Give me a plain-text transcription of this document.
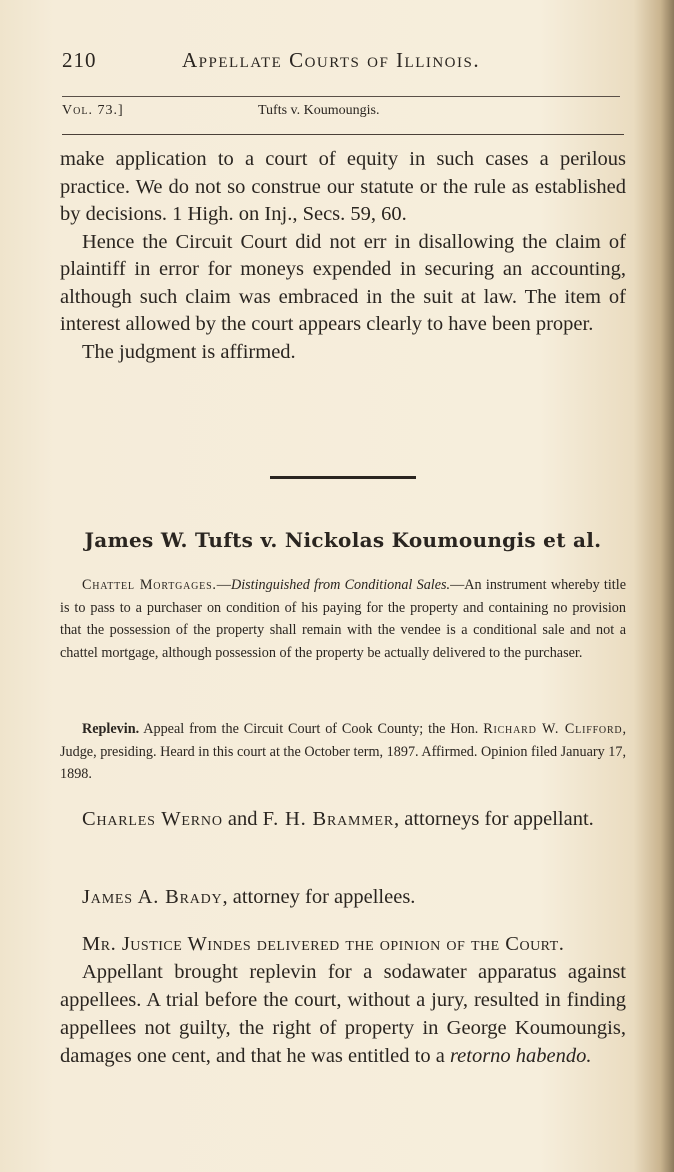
210	Appellate Courts of Illinois.
Vol. 73.]	Tufts v. Koumoungis.

make application to a court of equity in such cases a perilous practice. We do not so construe our statute or the rule as established by decisions. 1 High. on Inj., Secs. 59, 60.

Hence the Circuit Court did not err in disallowing the claim of plaintiff in error for moneys expended in securing an accounting, although such claim was embraced in the suit at law. The item of interest allowed by the court appears clearly to have been proper.

The judgment is affirmed.

James W. Tufts v. Nickolas Koumoungis et al.

Chattel Mortgages.—Distinguished from Conditional Sales.—An instrument whereby title is to pass to a purchaser on condition of his paying for the property and containing no provision that the possession of the property shall remain with the vendee is a conditional sale and not a chattel mortgage, although possession of the property be actually delivered to the purchaser.

Replevin. Appeal from the Circuit Court of Cook County; the Hon. Richard W. Clifford, Judge, presiding. Heard in this court at the October term, 1897. Affirmed. Opinion filed January 17, 1898.

Charles Werno and F. H. Brammer, attorneys for appellant.

James A. Brady, attorney for appellees.

Mr. Justice Windes delivered the opinion of the Court.

Appellant brought replevin for a sodawater apparatus against appellees. A trial before the court, without a jury, resulted in finding appellees not guilty, the right of property in George Koumoungis, damages one cent, and that he was entitled to a retorno habendo.
